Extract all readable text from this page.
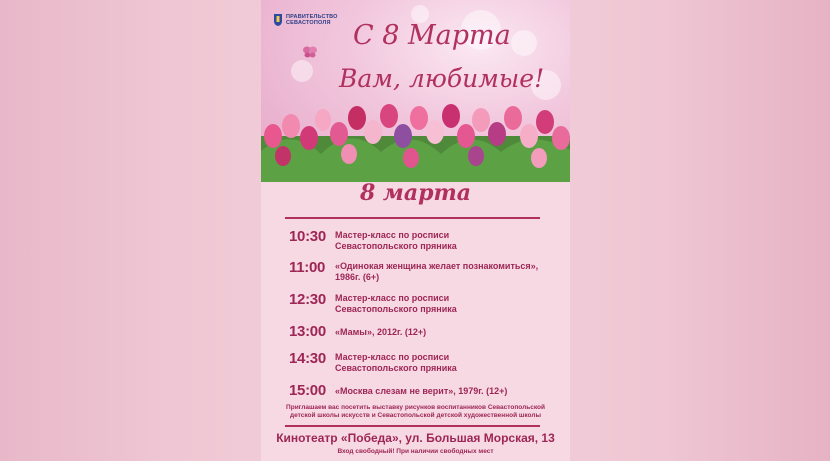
ПРАВИТЕЛЬСТВО
СЕВАСТОПОЛЯ С 8 Марта
Вам, любимые!
8 марта
10:30 Мастер-класс по росписи
Севастопольского пряника
11:00 «Одинокая женщина желает познакомиться»,
1986г. (6+)
12:30 Мастер-класс по росписи
Севастопольского пряника
13:00 «Мамы», 2012г. (12+)
14:30 Мастер-класс по росписи
Севастопольского пряника
15:00 «Москва слезам не верит», 1979г. (12+)
Приглашаем вас посетить выставку рисунков воспитанников Севастопольской
детской школы искусств и Севастопольской детской художественной школы
Кинотеатр «Победа», ул. Большая Морская, 13
Вход свободный! При наличии свободных мест
